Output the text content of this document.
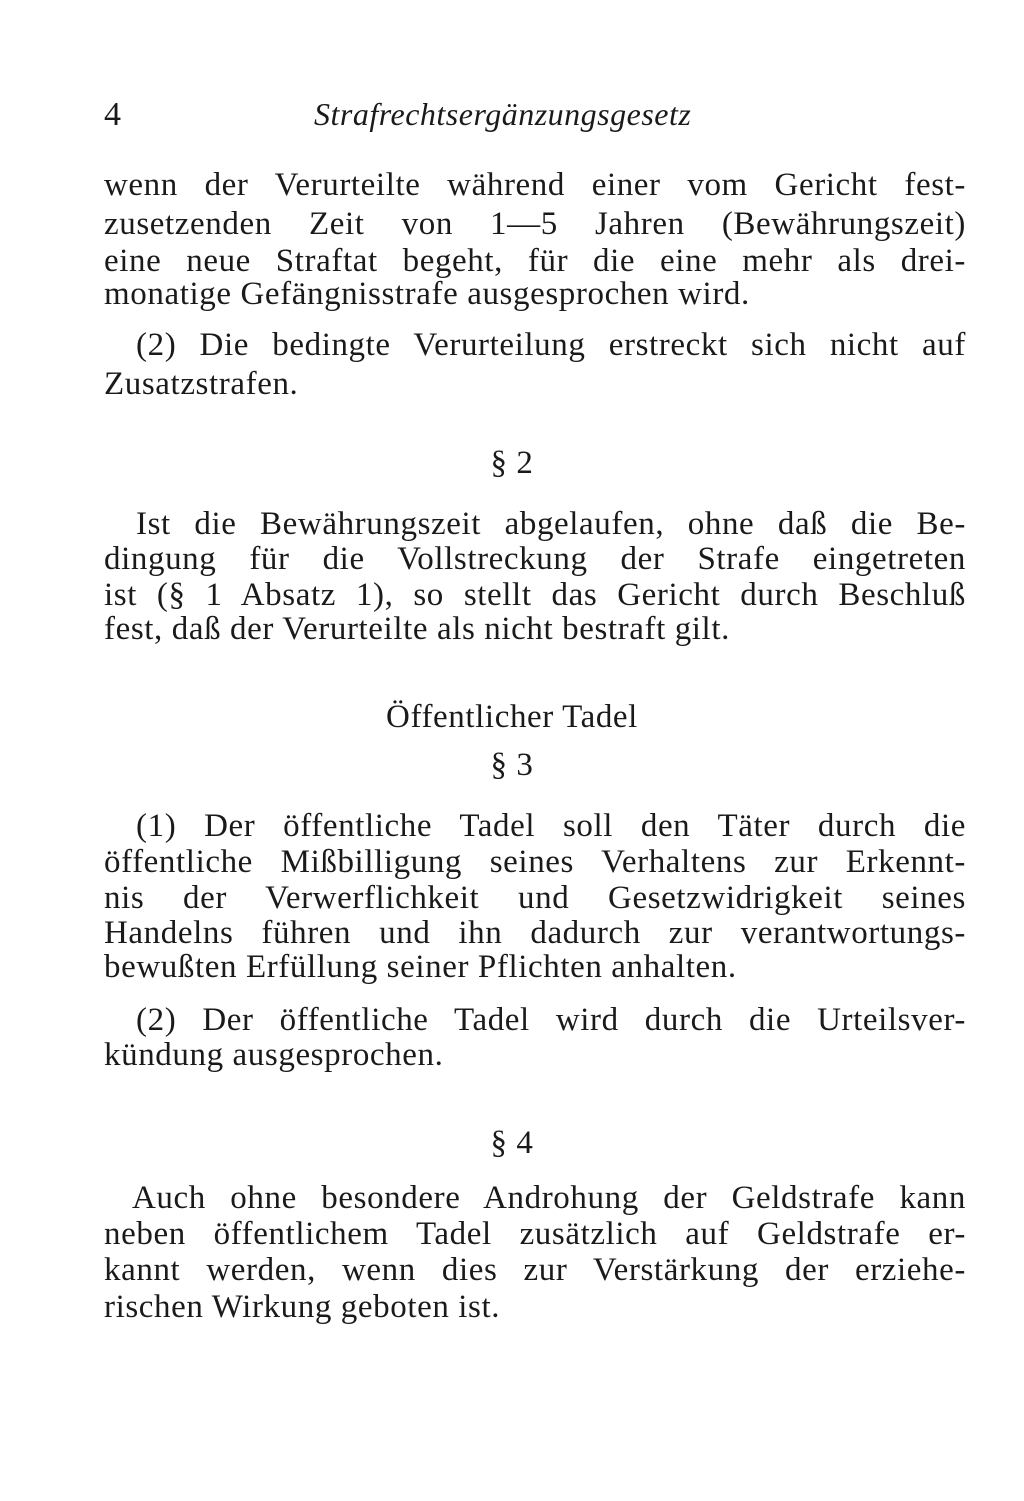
4	Strafrechtsergänzungsgesetz
wenn der Verurteilte während einer vom Gericht fest-
zusetzenden Zeit von 1—5 Jahren (Bewährungszeit)
eine neue Straftat begeht, für die eine mehr als drei-
monatige Gefängnisstrafe ausgesprochen wird.
(2) Die bedingte Verurteilung erstreckt sich nicht auf
Zusatzstrafen.
§ 2
Ist die Bewährungszeit abgelaufen, ohne daß die Be-
dingung für die Vollstreckung der Strafe eingetreten
ist (§ 1 Absatz 1), so stellt das Gericht durch Beschluß
fest, daß der Verurteilte als nicht bestraft gilt.
Öffentlicher Tadel
§ 3
(1) Der öffentliche Tadel soll den Täter durch die
öffentliche Mißbilligung seines Verhaltens zur Erkennt-
nis der Verwerflichkeit und Gesetzwidrigkeit seines
Handelns führen und ihn dadurch zur verantwortungs-
bewußten Erfüllung seiner Pflichten anhalten.
(2) Der öffentliche Tadel wird durch die Urteilsver-
kündung ausgesprochen.
§ 4
Auch ohne besondere Androhung der Geldstrafe kann
neben öffentlichem Tadel zusätzlich auf Geldstrafe er-
kannt werden, wenn dies zur Verstärkung der erziehe-
rischen Wirkung geboten ist.
